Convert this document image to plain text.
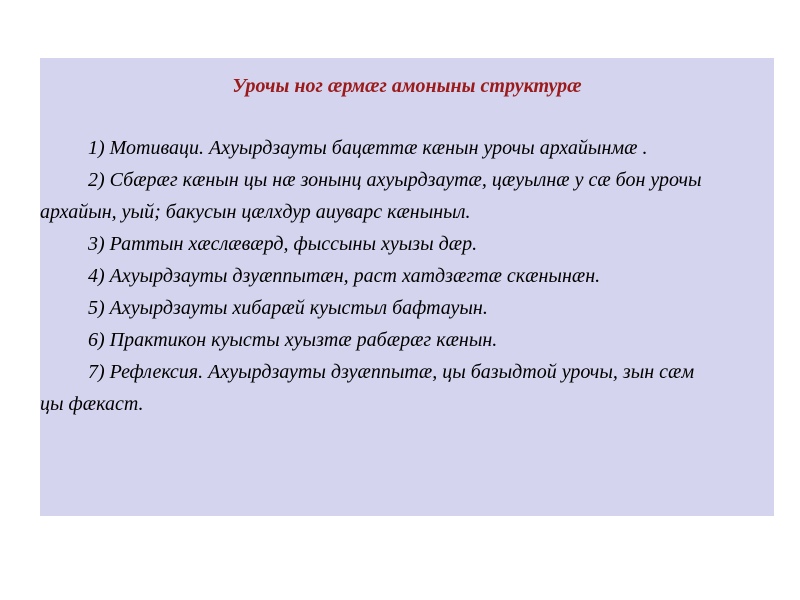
Урочы ног æрмæг амоныны структурæ

1) Мотиваци. Ахуырдзауты бацæттæ кæнын урочы архайынмæ .

2) Сбæрæг кæнын цы нæ зонынц ахуырдзаутæ, цæуылнæ у сæ бон урочы архайын, уый; бакусын цæлхдур аиуварс кæныныл.

3) Раттын хæслæвæрд, фыссыны хуызы дæр.

4) Ахуырдзауты дзуæппытæн, раст хатдзæгтæ скæнынæн.

5) Ахуырдзауты хибарæй куыстыл бафтауын.

6) Практикон куысты хуызтæ рабæрæг кæнын.

7) Рефлексия. Ахуырдзауты дзуæппытæ, цы базыдтой урочы, зын сæм цы фæкаст.
